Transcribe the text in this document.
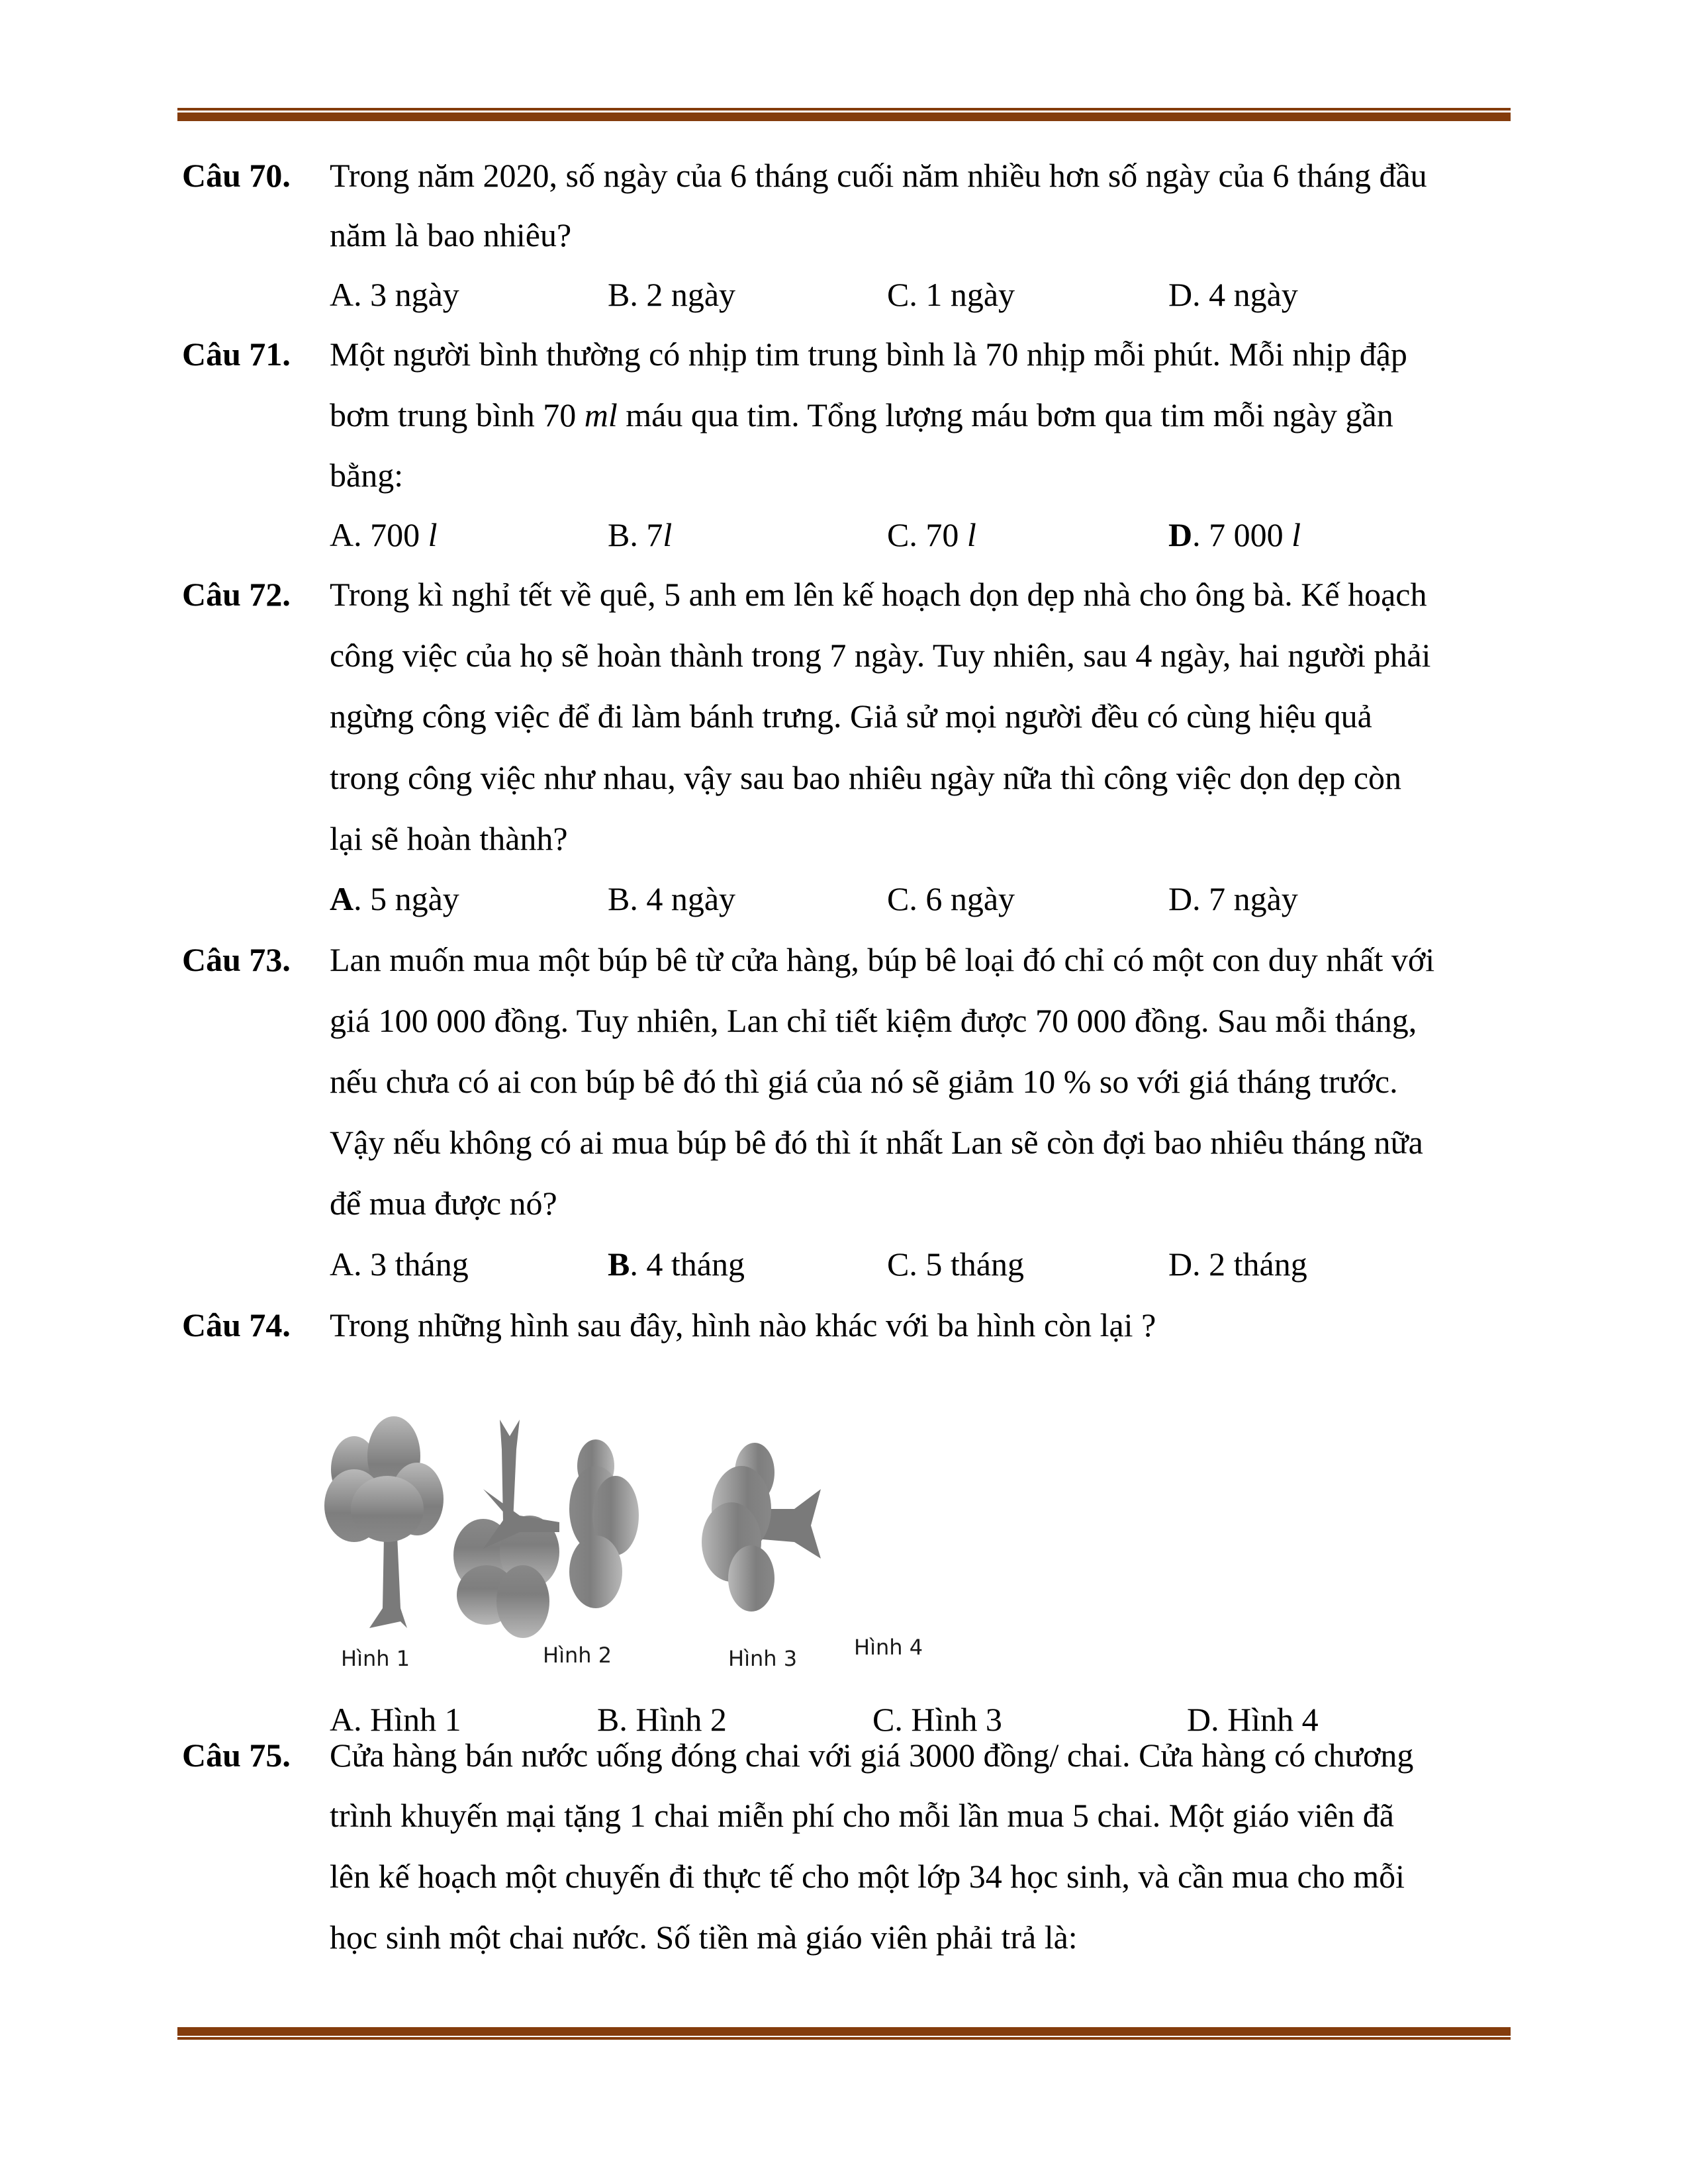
Câu 70. Trong năm 2020, số ngày của 6 tháng cuối năm nhiều hơn số ngày của 6 tháng đầu
năm là bao nhiêu?
A. 3 ngày	B. 2 ngày	C. 1 ngày	D. 4 ngày
Câu 71. Một người bình thường có nhịp tim trung bình là 70 nhịp mỗi phút. Mỗi nhịp đập
bơm trung bình 70 ml máu qua tim. Tổng lượng máu bơm qua tim mỗi ngày gần
bằng:
A. 700 l	B. 7l	C. 70 l	D. 7 000 l
Câu 72. Trong kì nghỉ tết về quê, 5 anh em lên kế hoạch dọn dẹp nhà cho ông bà. Kế hoạch
công việc của họ sẽ hoàn thành trong 7 ngày. Tuy nhiên, sau 4 ngày, hai người phải
ngừng công việc để đi làm bánh trưng. Giả sử mọi người đều có cùng hiệu quả
trong công việc như nhau, vậy sau bao nhiêu ngày nữa thì công việc dọn dẹp còn
lại sẽ hoàn thành?
A. 5 ngày	B. 4 ngày	C. 6 ngày	D. 7 ngày
Câu 73. Lan muốn mua một búp bê từ cửa hàng, búp bê loại đó chỉ có một con duy nhất với
giá 100 000 đồng. Tuy nhiên, Lan chỉ tiết kiệm được 70 000 đồng. Sau mỗi tháng,
nếu chưa có ai con búp bê đó thì giá của nó sẽ giảm 10 % so với giá tháng trước.
Vậy nếu không có ai mua búp bê đó thì ít nhất Lan sẽ còn đợi bao nhiêu tháng nữa
để mua được nó?
A. 3 tháng	B. 4 tháng	C. 5 tháng	D. 2 tháng
Câu 74. Trong những hình sau đây, hình nào khác với ba hình còn lại ?
Hình 1	Hình 2	Hình 3	Hình 4
A. Hình 1	B. Hình 2	C. Hình 3	D. Hình 4
Câu 75. Cửa hàng bán nước uống đóng chai với giá 3000 đồng/ chai. Cửa hàng có chương
trình khuyến mại tặng 1 chai miễn phí cho mỗi lần mua 5 chai. Một giáo viên đã
lên kế hoạch một chuyến đi thực tế cho một lớp 34 học sinh, và cần mua cho mỗi
học sinh một chai nước. Số tiền mà giáo viên phải trả là:
